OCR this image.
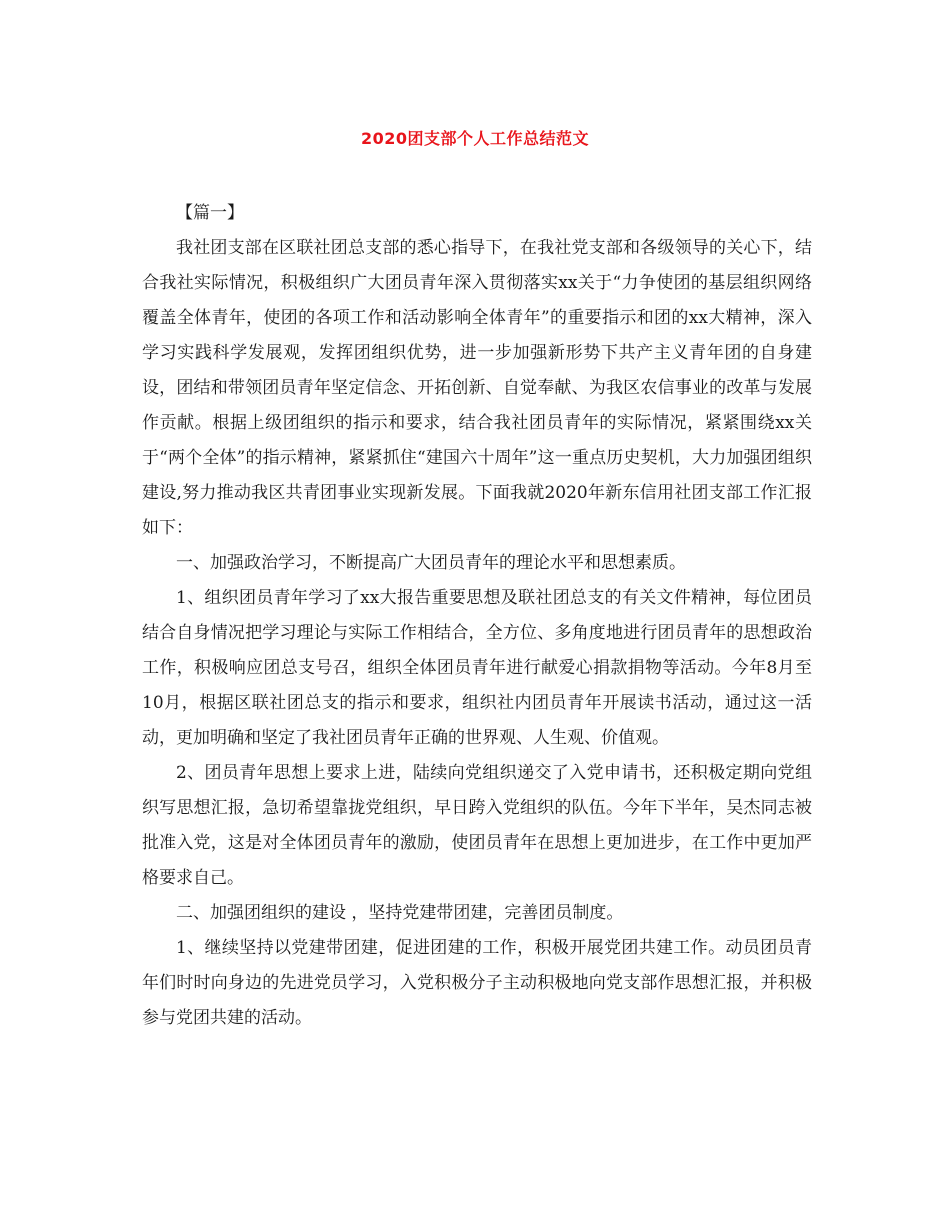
2020团支部个人工作总结范文

【篇一】

我社团支部在区联社团总支部的悉心指导下，在我社党支部和各级领导的关心下，结合我社实际情况，积极组织广大团员青年深入贯彻落实xx关于“力争使团的基层组织网络覆盖全体青年，使团的各项工作和活动影响全体青年”的重要指示和团的xx大精神，深入学习实践科学发展观，发挥团组织优势，进一步加强新形势下共产主义青年团的自身建设，团结和带领团员青年坚定信念、开拓创新、自觉奉献、为我区农信事业的改革与发展作贡献。根据上级团组织的指示和要求，结合我社团员青年的实际情况，紧紧围绕xx关于“两个全体”的指示精神，紧紧抓住“建国六十周年”这一重点历史契机，大力加强团组织建设,努力推动我区共青团事业实现新发展。下面我就2020年新东信用社团支部工作汇报如下：

一、加强政治学习，不断提高广大团员青年的理论水平和思想素质。

1、组织团员青年学习了xx大报告重要思想及联社团总支的有关文件精神，每位团员结合自身情况把学习理论与实际工作相结合，全方位、多角度地进行团员青年的思想政治工作，积极响应团总支号召，组织全体团员青年进行献爱心捐款捐物等活动。今年8月至10月，根据区联社团总支的指示和要求，组织社内团员青年开展读书活动，通过这一活动，更加明确和坚定了我社团员青年正确的世界观、人生观、价值观。

2、团员青年思想上要求上进，陆续向党组织递交了入党申请书，还积极定期向党组织写思想汇报，急切希望靠拢党组织，早日跨入党组织的队伍。今年下半年，吴杰同志被批准入党，这是对全体团员青年的激励，使团员青年在思想上更加进步，在工作中更加严格要求自己。

二、加强团组织的建设 ，坚持党建带团建，完善团员制度。

1、继续坚持以党建带团建，促进团建的工作，积极开展党团共建工作。动员团员青年们时时向身边的先进党员学习，入党积极分子主动积极地向党支部作思想汇报，并积极参与党团共建的活动。
